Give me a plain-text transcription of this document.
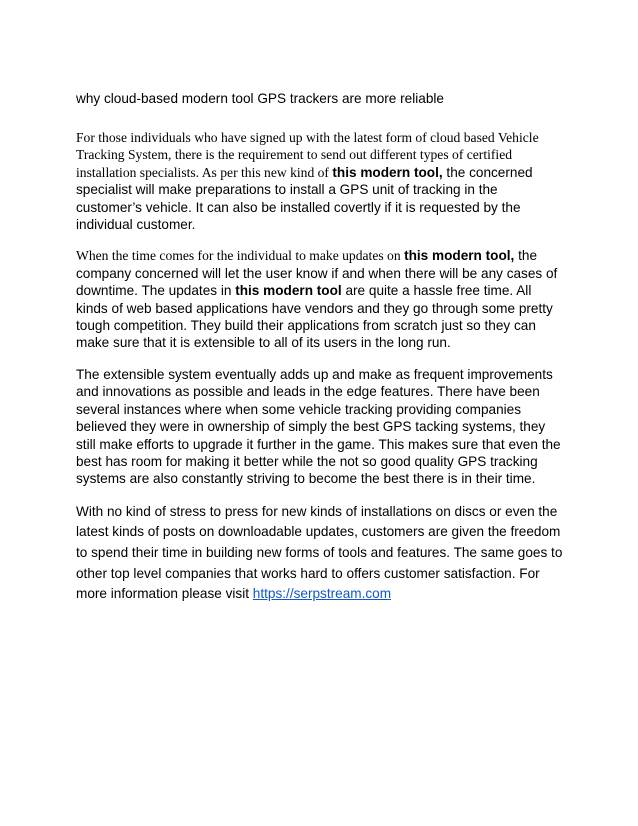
why cloud-based modern tool GPS trackers are more reliable

For those individuals who have signed up with the latest form of cloud based Vehicle Tracking System, there is the requirement to send out different types of certified installation specialists. As per this new kind of this modern tool, the concerned specialist will make preparations to install a GPS unit of tracking in the customer’s vehicle. It can also be installed covertly if it is requested by the individual customer.

When the time comes for the individual to make updates on this modern tool, the company concerned will let the user know if and when there will be any cases of downtime. The updates in this modern tool are quite a hassle free time. All kinds of web based applications have vendors and they go through some pretty tough competition. They build their applications from scratch just so they can make sure that it is extensible to all of its users in the long run.

The extensible system eventually adds up and make as frequent improvements and innovations as possible and leads in the edge features. There have been several instances where when some vehicle tracking providing companies believed they were in ownership of simply the best GPS tacking systems, they still make efforts to upgrade it further in the game. This makes sure that even the best has room for making it better while the not so good quality GPS tracking systems are also constantly striving to become the best there is in their time.

With no kind of stress to press for new kinds of installations on discs or even the latest kinds of posts on downloadable updates, customers are given the freedom to spend their time in building new forms of tools and features. The same goes to other top level companies that works hard to offers customer satisfaction. For more information please visit https://serpstream.com
